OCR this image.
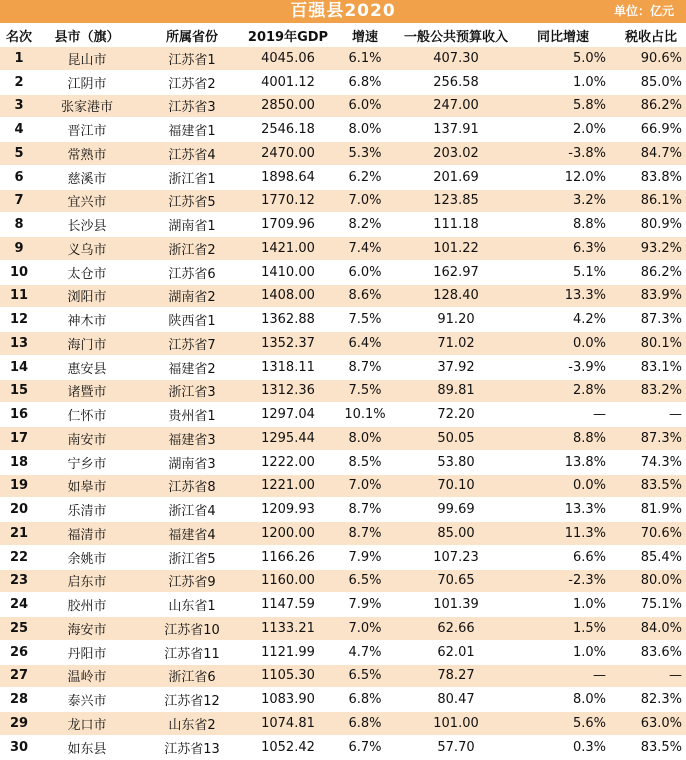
百强县2020	单位：亿元
名次	县市（旗）	所属省份	2019年GDP	增速	一般公共预算收入	同比增速	税收占比
1	昆山市	江苏省1	4045.06	6.1%	407.30	5.0%	90.6%
2	江阴市	江苏省2	4001.12	6.8%	256.58	1.0%	85.0%
3	张家港市	江苏省3	2850.00	6.0%	247.00	5.8%	86.2%
4	晋江市	福建省1	2546.18	8.0%	137.91	2.0%	66.9%
5	常熟市	江苏省4	2470.00	5.3%	203.02	-3.8%	84.7%
6	慈溪市	浙江省1	1898.64	6.2%	201.69	12.0%	83.8%
7	宜兴市	江苏省5	1770.12	7.0%	123.85	3.2%	86.1%
8	长沙县	湖南省1	1709.96	8.2%	111.18	8.8%	80.9%
9	义乌市	浙江省2	1421.00	7.4%	101.22	6.3%	93.2%
10	太仓市	江苏省6	1410.00	6.0%	162.97	5.1%	86.2%
11	浏阳市	湖南省2	1408.00	8.6%	128.40	13.3%	83.9%
12	神木市	陕西省1	1362.88	7.5%	91.20	4.2%	87.3%
13	海门市	江苏省7	1352.37	6.4%	71.02	0.0%	80.1%
14	惠安县	福建省2	1318.11	8.7%	37.92	-3.9%	83.1%
15	诸暨市	浙江省3	1312.36	7.5%	89.81	2.8%	83.2%
16	仁怀市	贵州省1	1297.04	10.1%	72.20	—	—
17	南安市	福建省3	1295.44	8.0%	50.05	8.8%	87.3%
18	宁乡市	湖南省3	1222.00	8.5%	53.80	13.8%	74.3%
19	如皋市	江苏省8	1221.00	7.0%	70.10	0.0%	83.5%
20	乐清市	浙江省4	1209.93	8.7%	99.69	13.3%	81.9%
21	福清市	福建省4	1200.00	8.7%	85.00	11.3%	70.6%
22	余姚市	浙江省5	1166.26	7.9%	107.23	6.6%	85.4%
23	启东市	江苏省9	1160.00	6.5%	70.65	-2.3%	80.0%
24	胶州市	山东省1	1147.59	7.9%	101.39	1.0%	75.1%
25	海安市	江苏省10	1133.21	7.0%	62.66	1.5%	84.0%
26	丹阳市	江苏省11	1121.99	4.7%	62.01	1.0%	83.6%
27	温岭市	浙江省6	1105.30	6.5%	78.27	—	—
28	泰兴市	江苏省12	1083.90	6.8%	80.47	8.0%	82.3%
29	龙口市	山东省2	1074.81	6.8%	101.00	5.6%	63.0%
30	如东县	江苏省13	1052.42	6.7%	57.70	0.3%	83.5%
